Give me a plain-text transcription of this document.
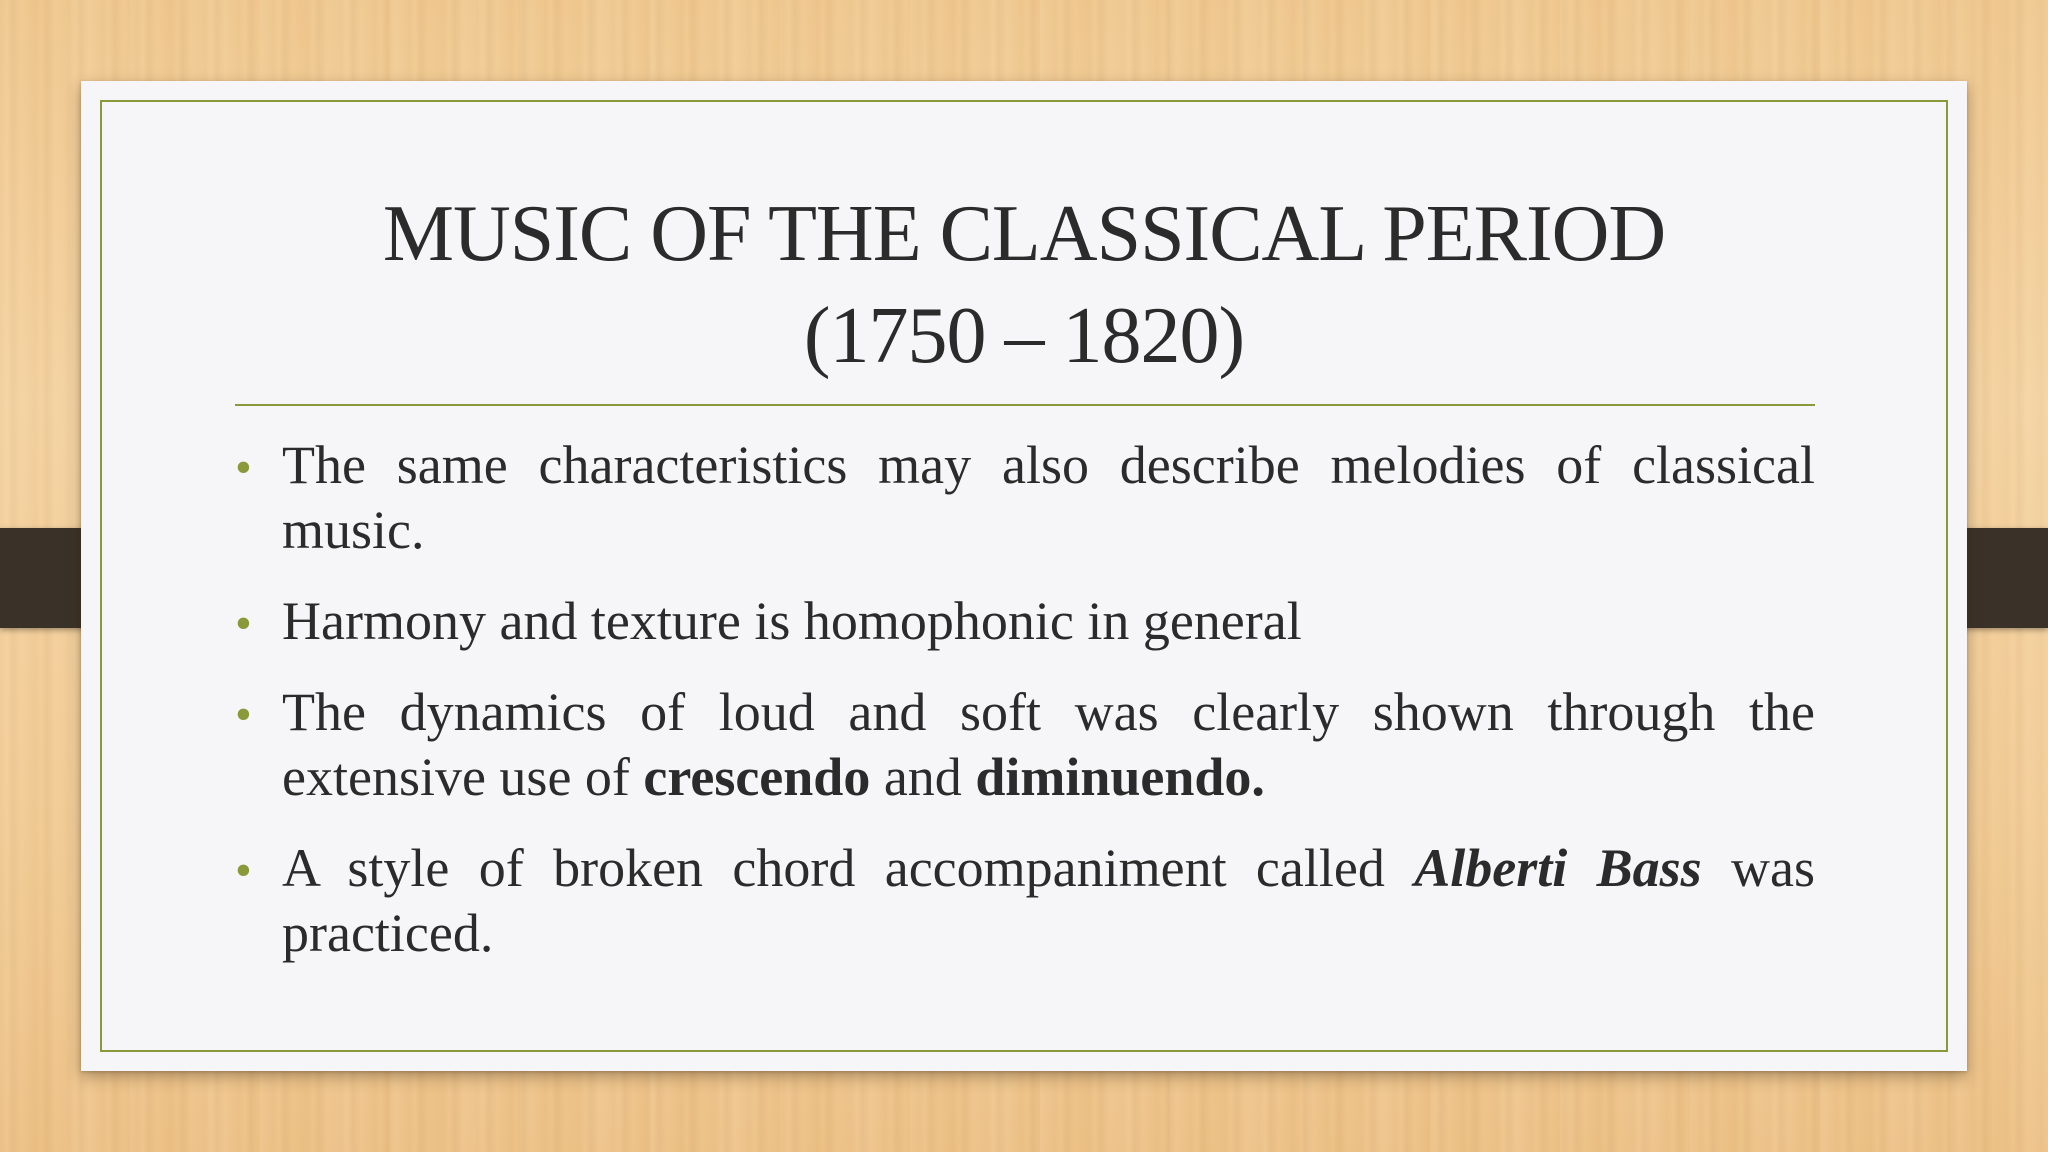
MUSIC OF THE CLASSICAL PERIOD
(1750 – 1820)
• The same characteristics may also describe melodies of classical music.
• Harmony and texture is homophonic in general
• The dynamics of loud and soft was clearly shown through the extensive use of crescendo and diminuendo.
• A style of broken chord accompaniment called Alberti Bass was practiced.
